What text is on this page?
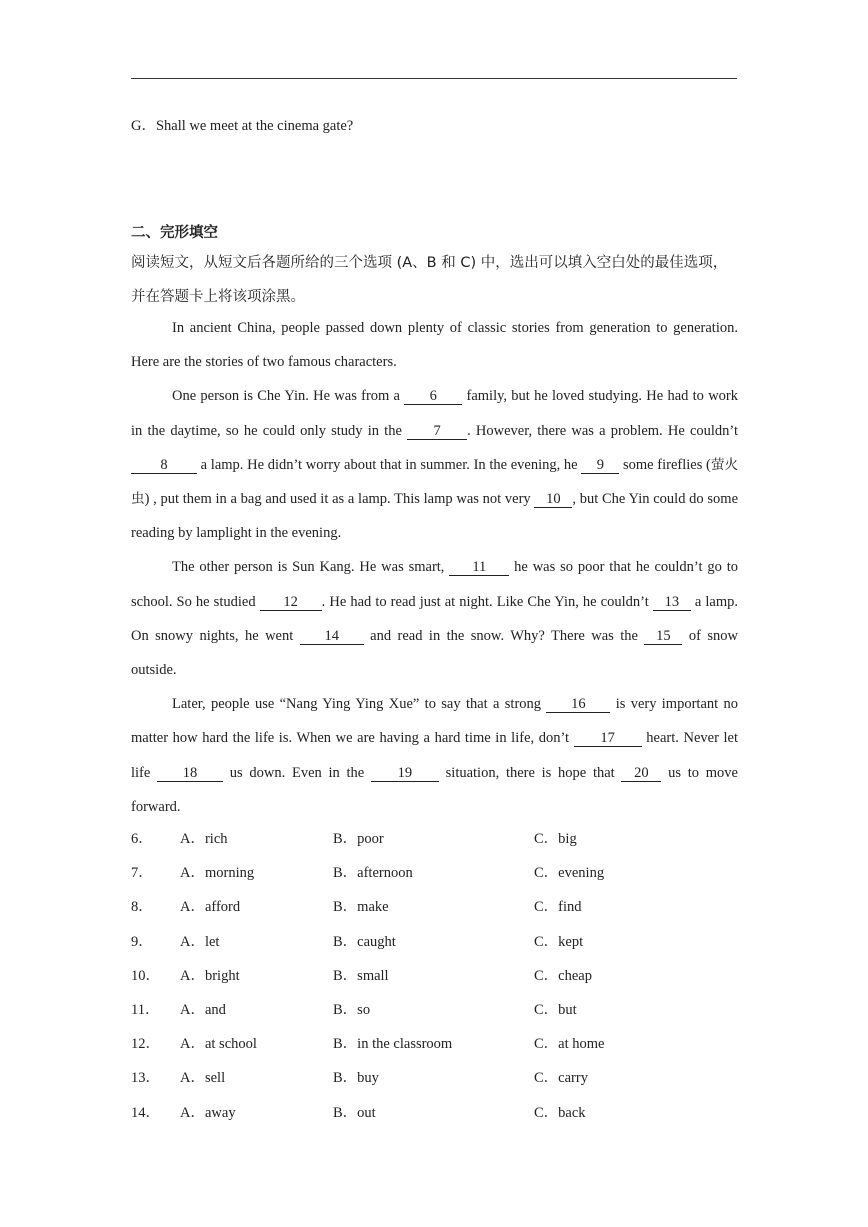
G．Shall we meet at the cinema gate?
二、完形填空
阅读短文，从短文后各题所给的三个选项 (A、B 和 C) 中，选出可以填入空白处的最佳选项，并在答题卡上将该项涂黑。

In ancient China, people passed down plenty of classic stories from generation to generation. Here are the stories of two famous characters.

One person is Che Yin. He was from a 6 family, but he loved studying. He had to work in the daytime, so he could only study in the 7 . However, there was a problem. He couldn’t 8 a lamp. He didn’t worry about that in summer. In the evening, he 9 some fireflies (萤火虫) , put them in a bag and used it as a lamp. This lamp was not very 10 , but Che Yin could do some reading by lamplight in the evening.

The other person is Sun Kang. He was smart, 11 he was so poor that he couldn’t go to school. So he studied 12 . He had to read just at night. Like Che Yin, he couldn’t 13 a lamp. On snowy nights, he went 14 and read in the snow. Why? There was the 15 of snow outside.

Later, people use “Nang Ying Ying Xue” to say that a strong 16 is very important no matter how hard the life is. When we are having a hard time in life, don’t 17 heart. Never let life 18 us down. Even in the 19 situation, there is hope that 20 us to move forward.

6． A．rich	B．poor	C．big
7． A．morning	B．afternoon	C．evening
8． A．afford	B．make	C．find
9． A．let	B．caught	C．kept
10． A．bright	B．small	C．cheap
11． A．and	B．so	C．but
12． A．at school	B．in the classroom	C．at home
13． A．sell	B．buy	C．carry
14． A．away	B．out	C．back
